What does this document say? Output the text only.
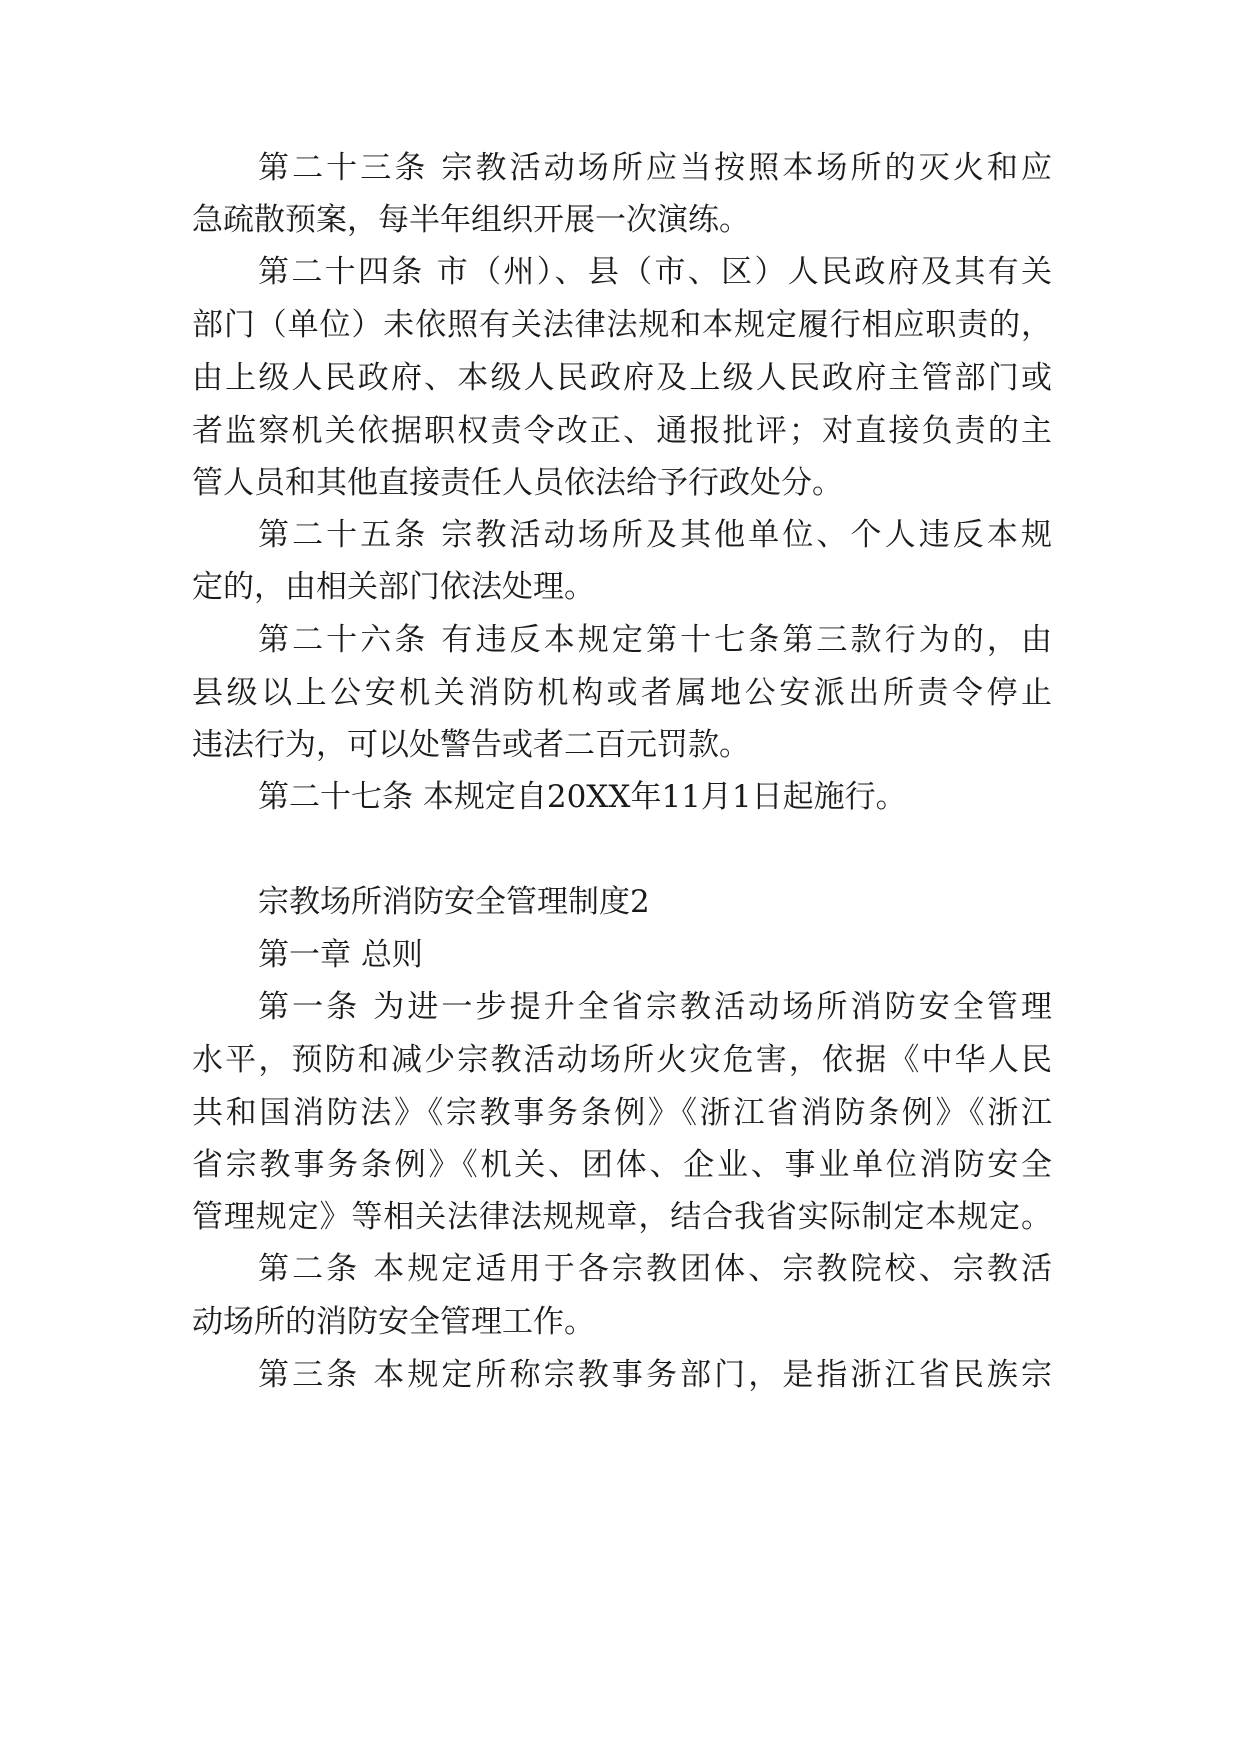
第二十三条 宗教活动场所应当按照本场所的灭火和应
急疏散预案，每半年组织开展一次演练。
第二十四条 市（州）、县（市、区）人民政府及其有关
部门（单位）未依照有关法律法规和本规定履行相应职责的，
由上级人民政府、本级人民政府及上级人民政府主管部门或
者监察机关依据职权责令改正、通报批评；对直接负责的主
管人员和其他直接责任人员依法给予行政处分。
第二十五条 宗教活动场所及其他单位、个人违反本规
定的，由相关部门依法处理。
第二十六条 有违反本规定第十七条第三款行为的，由
县级以上公安机关消防机构或者属地公安派出所责令停止
违法行为，可以处警告或者二百元罚款。
第二十七条 本规定自20XX年11月1日起施行。
宗教场所消防安全管理制度2
第一章 总则
第一条 为进一步提升全省宗教活动场所消防安全管理
水平，预防和减少宗教活动场所火灾危害，依据《中华人民
共和国消防法》《宗教事务条例》《浙江省消防条例》《浙江
省宗教事务条例》《机关、团体、企业、事业单位消防安全
管理规定》等相关法律法规规章，结合我省实际制定本规定。
第二条 本规定适用于各宗教团体、宗教院校、宗教活
动场所的消防安全管理工作。
第三条 本规定所称宗教事务部门，是指浙江省民族宗
